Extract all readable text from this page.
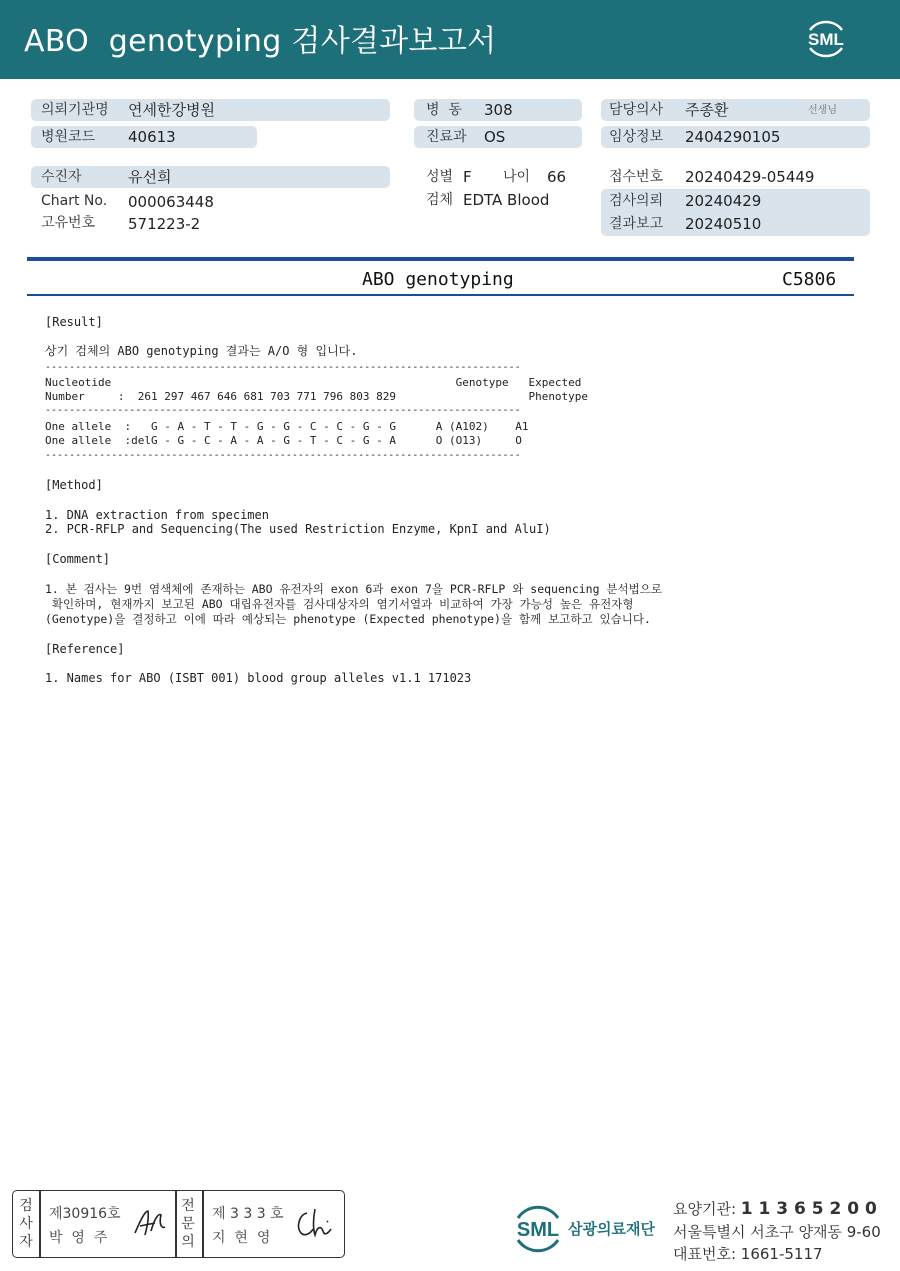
ABO  genotyping 검사결과보고서	SML
의뢰기관명 연세한강병원
병원코드 40613
병  동 308
진료과 OS
담당의사 주종환	선생님
임상정보 2404290105
수진자	유선희
Chart No. 000063448
고유번호 571223-2
성별 F 나이 66
검체 EDTA Blood
접수번호 20240429-05449
검사의뢰 20240429
결과보고 20240510
ABO genotyping	C5806
[Result]
상기 검체의 ABO genotyping 결과는 A/O 형 입니다.
-------------------------------------------------------------------------------
Nucleotide                                                    Genotype   Expected
Number     :  261 297 467 646 681 703 771 796 803 829                    Phenotype
-------------------------------------------------------------------------------
One allele  :   G - A - T - T - G - G - C - C - G - G      A (A102)    A1
One allele  :delG - G - C - A - A - G - T - C - G - A      O (O13)     O
-------------------------------------------------------------------------------
[Method]
1. DNA extraction from specimen
2. PCR-RFLP and Sequencing(The used Restriction Enzyme, KpnI and AluI)
[Comment]
1. 본 검사는 9번 염색체에 존재하는 ABO 유전자의 exon 6과 exon 7을 PCR-RFLP 와 sequencing 분석법으로
확인하며, 현재까지 보고된 ABO 대립유전자를 검사대상자의 염기서열과 비교하여 가장 가능성 높은 유전자형
(Genotype)을 결정하고 이에 따라 예상되는 phenotype (Expected phenotype)을 함께 보고하고 있습니다.
[Reference]
1. Names for ABO (ISBT 001) blood group alleles v1.1 171023
검
사
자
제30916호
박  영  주
전
문
의
제 3 3 3 호
지  현  영	SML 삼광의료재단
요양기관: 1 1 3 6 5 2 0 0
서울특별시 서초구 양재동 9-60
대표번호: 1661-5117
